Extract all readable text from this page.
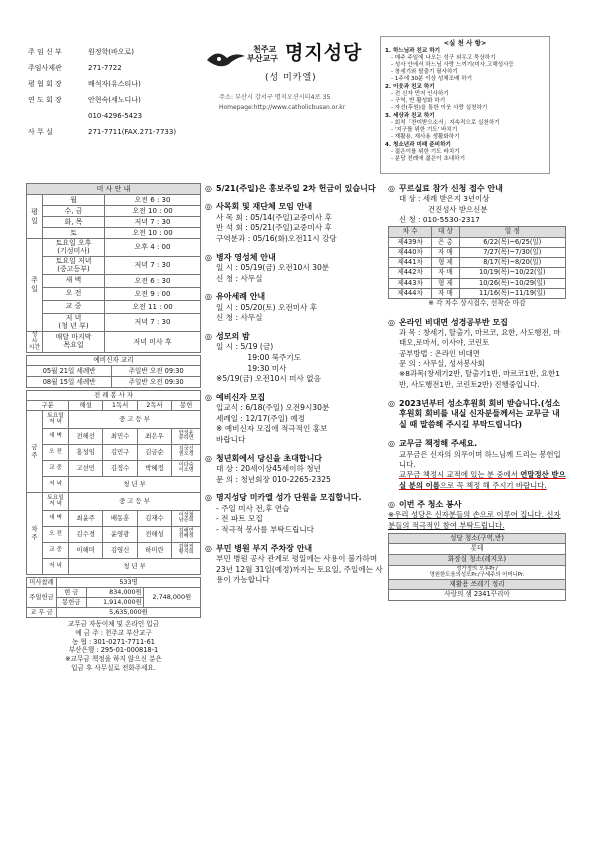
주 임 신 부	원정학(바오로)
주임사제관	271-7722
평 협 회 장	배석자(유스티나)
연 도 회 장	안현숙(세노디나)
010-4296-5423
사 무 실	271-7711(FAX.271-7733)
천주교
부산교구 명지성당
(성 미카엘)
주소: 부산시 강서구 명지오션시티4로 35
Homepage:http://www.catholicbusan.or.kr
<실 천 사 항>
1. 하느님과 친교 하기
- 매주 주일에 나오는 성구 외우고 묵상하기
- 성사 안에서 하느님 사랑 느끼기(미사,고해성사등
- 창세기와 탈출기 필사하기
- 1주에 30분 이상 성체조배 하기
2. 이웃과 친교 하기
- 전 신자 먼저 인사하기
- 구역, 반 활성화 하기
- 자선(후원)을 통한 이웃 사랑 실천하기
3. 세상과 친교 하기
- 회칙「찬미받으소서」지속적으로 실천하기
- '지구를 위한 기도' 바치기
- 재활용, 재사용 생활화하기
4. 청소년과 미래 준비하기
- 젊은이를 위한 기도 바치기
- 분당 전례에 젊은이 초대하기
미 사 안 내		
평 일	월	오전 6 : 30
	수, 금	오전 10 : 00
	화, 목	저녁 7 : 30
	토	오전 10 : 00
주 일	토요일 오후
(기성미사)	오후 4 : 00
	토요일 저녁
(중고등부)	저녁 7 : 30
	새 벽	오전 6 : 30
	오 전	오전 9 : 00
	교 중	오전 11 : 00
	저 녁
(청 년 부)	저녁 7 : 30
성 사 시간	매달 마지막
목요일	저녁 미사 후
예비신자 교리	
05월 21일 세례반	주일반 오전 09:30
08월 15일 세례반	주일반 오전 09:30
전 례 봉 사 자					
구분		해설	1독서	2독서	봉헌
금 주	토요일
저 녁	중 고 등 부			
	새 벽	전해선	최민수	최은우	안성윤
류하연
	오 전	홍성임	김민구	김금순	김국신
권오경
	교 중	고선민	김정수	박혜정	이다숙
이소명
	저 녁	청 년 부			
차 주	토요일
저 녁	중 고 등 부			
	새 벽	최윤주	배동훈	김재수	이성철
남준희
	오 전	김수경	윤영광	전해성	김해연
김혜정
	교 중	이해미	김영신	하미란	김현정
황지희
	저 녁	청 년 부			
미사참례	533명		
주일헌금	현 금	834,000원	2,748,000원
	봉헌금	1,914,000원	
교 무 금	5,635,000원		
교무금 자동이체 및 온라인 입금
예 금 주 : 천주교 부산교구
농 협 : 301-0271-7711-61
부산은행 : 295-01-000818-1
※교무금 책정을 하지 않으신 분은
입금 후 사무실로 전화주세요.
◎ 5/21(주일)은 홍보주일 2차 헌금이 있습니다
◎ 사목회 및 재단체 모임 안내
사 목 회 : 05/14(주일)교중미사 후
반 석 회 : 05/21(주일)교중미사 후
구역분과 : 05/16(화)오전11시 강당
◎ 병자 영성체 안내
일 시 : 05/19(금) 오전10시 30분
신 청 : 사무실
◎ 유아세례 안내
일 시 : 05/20(토) 오전미사 후
신 청 : 사무실
◎ 성모의 밤
일 시 : 5/19 (금)
19:00 묵주기도
19:30 미사
※5/19(금) 오전10시 미사 없음
◎ 예비신자 모집
입교식 : 6/18(주일) 오전9시30분
세례일 : 12/17(주일) 예정
※ 예비신자 모집에 적극적인 홍보
바랍니다
◎ 청년회에서 당신을 초대합니다
대 상 : 20세이상45세이하 청년
문 의 : 청년회장 010-2265-2325
◎ 명지성당 미카엘 성가 단원을 모집합니다.
- 주일 미사 전,후 연습
- 전 파트 모집
- 적극적 봉사를 부탁드립니다
◎ 부민 병원 부지 주차장 안내
부민 병원 공사 관계로 평일에는 사용이 불가하며 23년 12월 31일(예정)까지는 토요일, 주일에는 사용이 가능합니다
◎ 꾸르실료 참가 신청 접수 안내
대 상 : 세례 받은지 3년이상
건진성사 받으신분
신 청 : 010-5530-2317
차 수	대 상	일 정
제439차	은 총	6/22(목)~6/25(일)
제440차	자 매	7/27(목)~7/30(일)
제441차	형 제	8/17(목)~8/20(일)
제442차	자 매	10/19(목)~10/22(일)
제443차	형 제	10/26(목)~10/29(일)
제444차	자 매	11/16(목)~11/19(일)
※ 각 차수 상시접수, 선착순 마감
◎ 온라인 비대면 성경공부반 모집
과 목 : 창세기, 탈출기, 마르코, 요한, 사도행전, 마태오,로마서, 이사야, 코린토
공부방법 : 온라인 비대면
문 의 : 사무실, 성서봉사회
※8과목(창세기2반, 탈출기1반, 마르코1반, 요한1반, 사도행전1반, 코린토2반) 진행중입니다.
◎ 2023년부터 성소후원회 회비 받습니다.(성소후원회 회비를 내실 신자분들께서는 교무금 내실 때 말씀해 주시길 부탁드립니다)
◎ 교무금 책정해 주세요.
교무금은 신자의 의무이며 하느님께 드리는 봉헌입니다.
교무금 책정시 교적에 있는 분 중에서 연말정산 받으실 분의 이름으로 꼭 책정 해 주시기 바랍니다.
◎ 이번 주 청소 봉사
※우리 성당은 신자분들의 손으로 이루어 집니다. 신자분들의 적극적인 참여 부탁드립니다.
성당 청소(구역,반)
롯데
화장실 청소(레지오)
성가정의 모후Pr./
영원한도움의성모Pr./구세주의 어머니Pr.
재활용 쓰레기 정리
사랑의 샘 2341꾸리아
